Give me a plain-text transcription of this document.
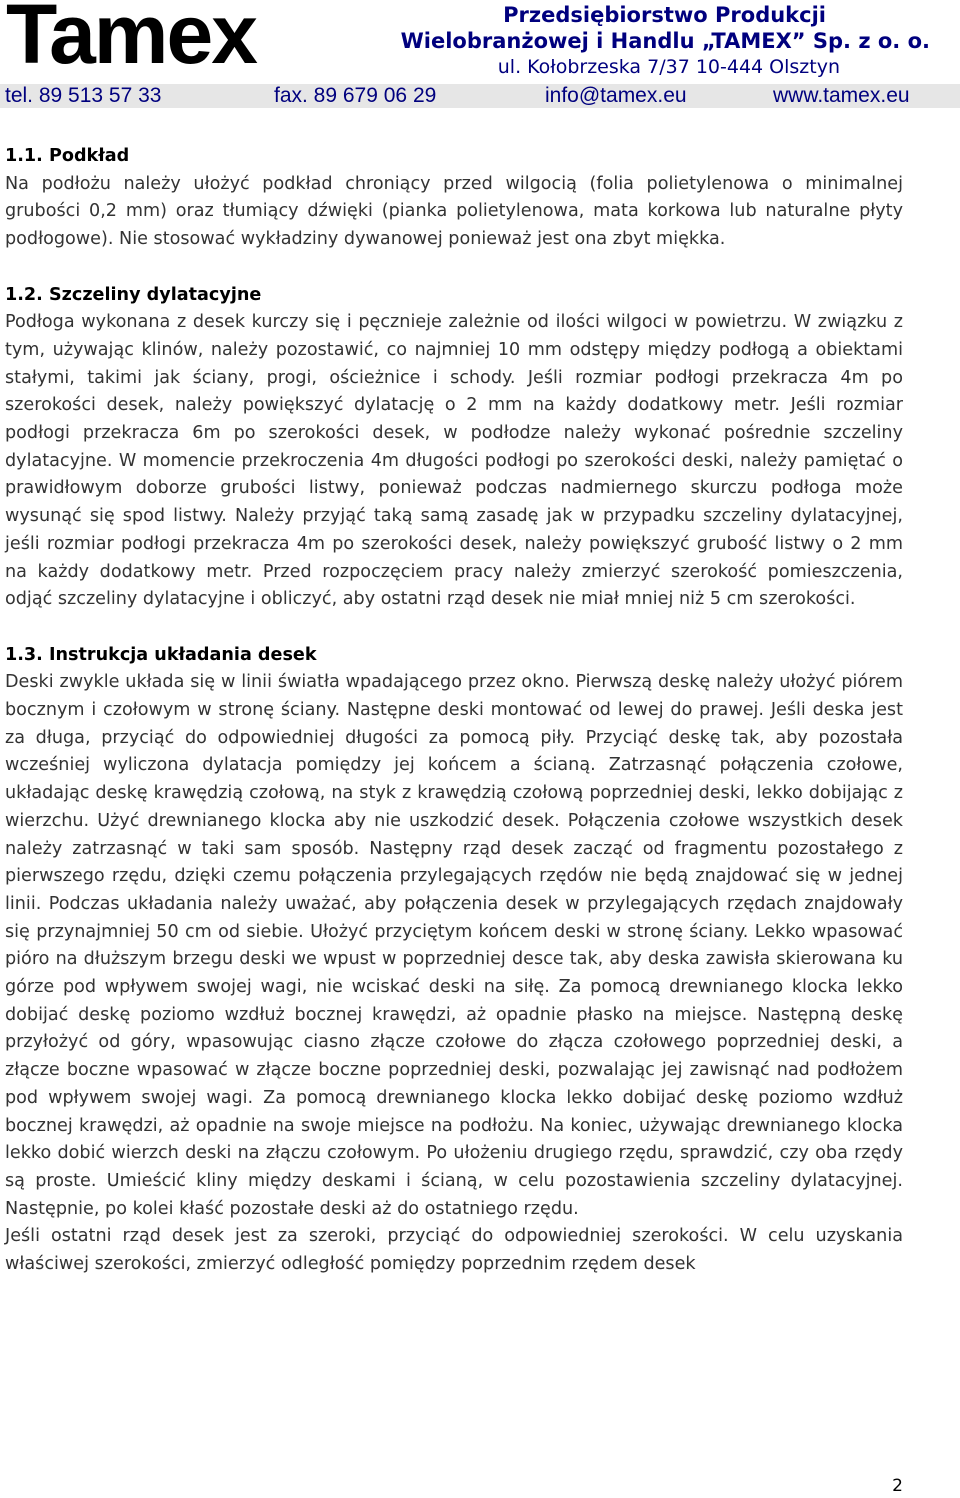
Tamex	Przedsiębiorstwo Produkcji
Wielobranżowej i Handlu „TAMEX” Sp. z o. o.
ul. Kołobrzeska 7/37 10-444 Olsztyn
tel. 89 513 57 33	fax. 89 679 06 29	info@tamex.eu	www.tamex.eu
1.1. Podkład
Na podłożu należy ułożyć podkład chroniący przed wilgocią (folia polietylenowa o minimalnej grubości 0,2 mm) oraz tłumiący dźwięki (pianka polietylenowa, mata korkowa lub naturalne płyty podłogowe). Nie stosować wykładziny dywanowej ponieważ jest ona zbyt miękka.
1.2. Szczeliny dylatacyjne
Podłoga wykonana z desek kurczy się i pęcznieje zależnie od ilości wilgoci w powietrzu. W związku z tym, używając klinów, należy pozostawić, co najmniej 10 mm odstępy między podłogą a obiektami stałymi, takimi jak ściany, progi, ościeżnice i schody. Jeśli rozmiar podłogi przekracza 4m po szerokości desek, należy powiększyć dylatację o 2 mm na każdy dodatkowy metr. Jeśli rozmiar podłogi przekracza 6m po szerokości desek, w podłodze należy wykonać pośrednie szczeliny dylatacyjne. W momencie przekroczenia 4m długości podłogi po szerokości deski, należy pamiętać o prawidłowym doborze grubości listwy, ponieważ podczas nadmiernego skurczu podłoga może wysunąć się spod listwy. Należy przyjąć taką samą zasadę jak w przypadku szczeliny dylatacyjnej, jeśli rozmiar podłogi przekracza 4m po szerokości desek, należy powiększyć grubość listwy o 2 mm na każdy dodatkowy metr. Przed rozpoczęciem pracy należy zmierzyć szerokość pomieszczenia, odjąć szczeliny dylatacyjne i obliczyć, aby ostatni rząd desek nie miał mniej niż 5 cm szerokości.
1.3. Instrukcja układania desek
Deski zwykle układa się w linii światła wpadającego przez okno. Pierwszą deskę należy ułożyć piórem bocznym i czołowym w stronę ściany. Następne deski montować od lewej do prawej. Jeśli deska jest za długa, przyciąć do odpowiedniej długości za pomocą piły. Przyciąć deskę tak, aby pozostała wcześniej wyliczona dylatacja pomiędzy jej końcem a ścianą. Zatrzasnąć połączenia czołowe, układając deskę krawędzią czołową, na styk z krawędzią czołową poprzedniej deski, lekko dobijając z wierzchu. Użyć drewnianego klocka aby nie uszkodzić desek. Połączenia czołowe wszystkich desek należy zatrzasnąć w taki sam sposób. Następny rząd desek zacząć od fragmentu pozostałego z pierwszego rzędu, dzięki czemu połączenia przylegających rzędów nie będą znajdować się w jednej linii. Podczas układania należy uważać, aby połączenia desek w przylegających rzędach znajdowały się przynajmniej 50 cm od siebie. Ułożyć przyciętym końcem deski w stronę ściany. Lekko wpasować pióro na dłuższym brzegu deski we wpust w poprzedniej desce tak, aby deska zawisła skierowana ku górze pod wpływem swojej wagi, nie wciskać deski na siłę. Za pomocą drewnianego klocka lekko dobijać deskę poziomo wzdłuż bocznej krawędzi, aż opadnie płasko na miejsce. Następną deskę przyłożyć od góry, wpasowując ciasno złącze czołowe do złącza czołowego poprzedniej deski, a złącze boczne wpasować w złącze boczne poprzedniej deski, pozwalając jej zawisnąć nad podłożem pod wpływem swojej wagi. Za pomocą drewnianego klocka lekko dobijać deskę poziomo wzdłuż bocznej krawędzi, aż opadnie na swoje miejsce na podłożu. Na koniec, używając drewnianego klocka lekko dobić wierzch deski na złączu czołowym. Po ułożeniu drugiego rzędu, sprawdzić, czy oba rzędy są proste. Umieścić kliny między deskami i ścianą, w celu pozostawienia szczeliny dylatacyjnej. Następnie, po kolei kłaść pozostałe deski aż do ostatniego rzędu.
Jeśli ostatni rząd desek jest za szeroki, przyciąć do odpowiedniej szerokości. W celu uzyskania właściwej szerokości, zmierzyć odległość pomiędzy poprzednim rzędem desek
2
